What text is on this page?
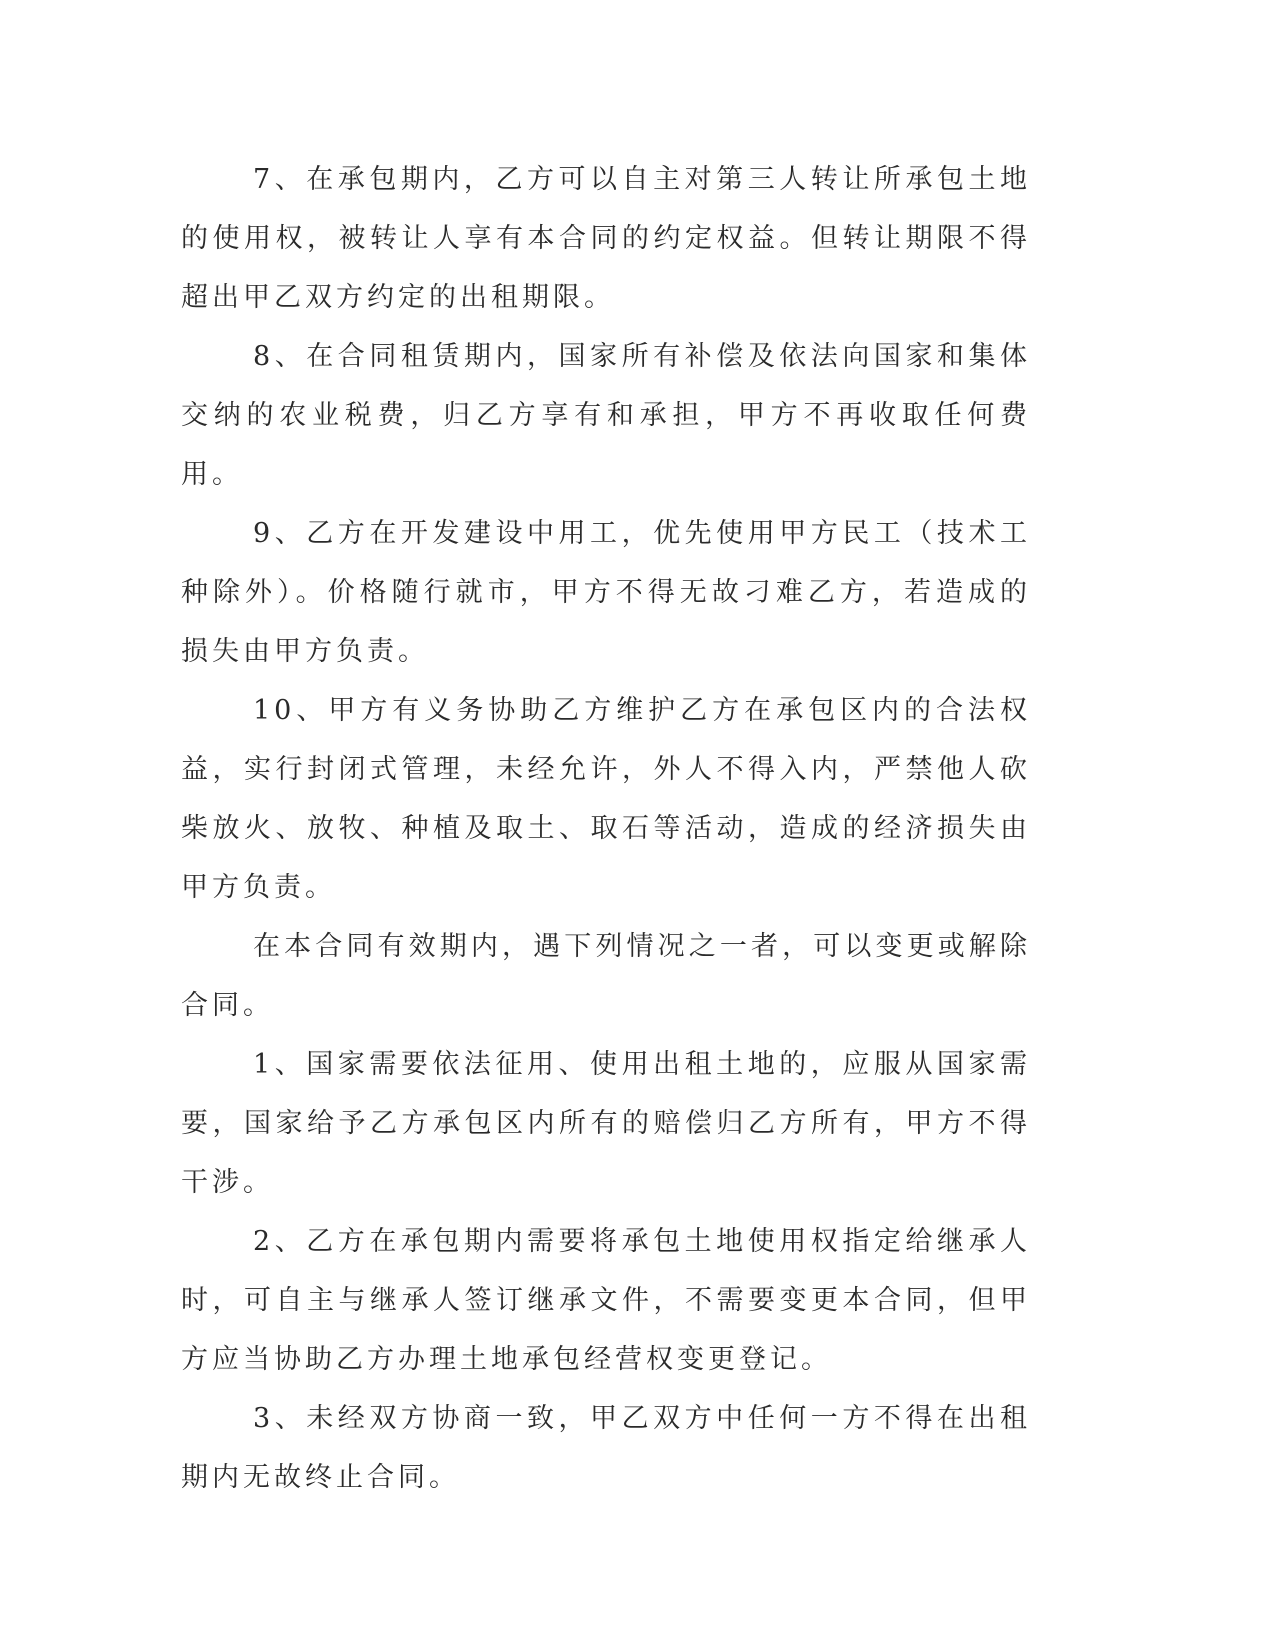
7、在承包期内，乙方可以自主对第三人转让所承包土地的使用权，被转让人享有本合同的约定权益。但转让期限不得超出甲乙双方约定的出租期限。

8、在合同租赁期内，国家所有补偿及依法向国家和集体交纳的农业税费，归乙方享有和承担，甲方不再收取任何费用。

9、乙方在开发建设中用工，优先使用甲方民工（技术工种除外）。价格随行就市，甲方不得无故刁难乙方，若造成的损失由甲方负责。

10、甲方有义务协助乙方维护乙方在承包区内的合法权益，实行封闭式管理，未经允许，外人不得入内，严禁他人砍柴放火、放牧、种植及取土、取石等活动，造成的经济损失由甲方负责。

在本合同有效期内，遇下列情况之一者，可以变更或解除合同。

1、国家需要依法征用、使用出租土地的，应服从国家需要，国家给予乙方承包区内所有的赔偿归乙方所有，甲方不得干涉。

2、乙方在承包期内需要将承包土地使用权指定给继承人时，可自主与继承人签订继承文件，不需要变更本合同，但甲方应当协助乙方办理土地承包经营权变更登记。

3、未经双方协商一致，甲乙双方中任何一方不得在出租期内无故终止合同。
